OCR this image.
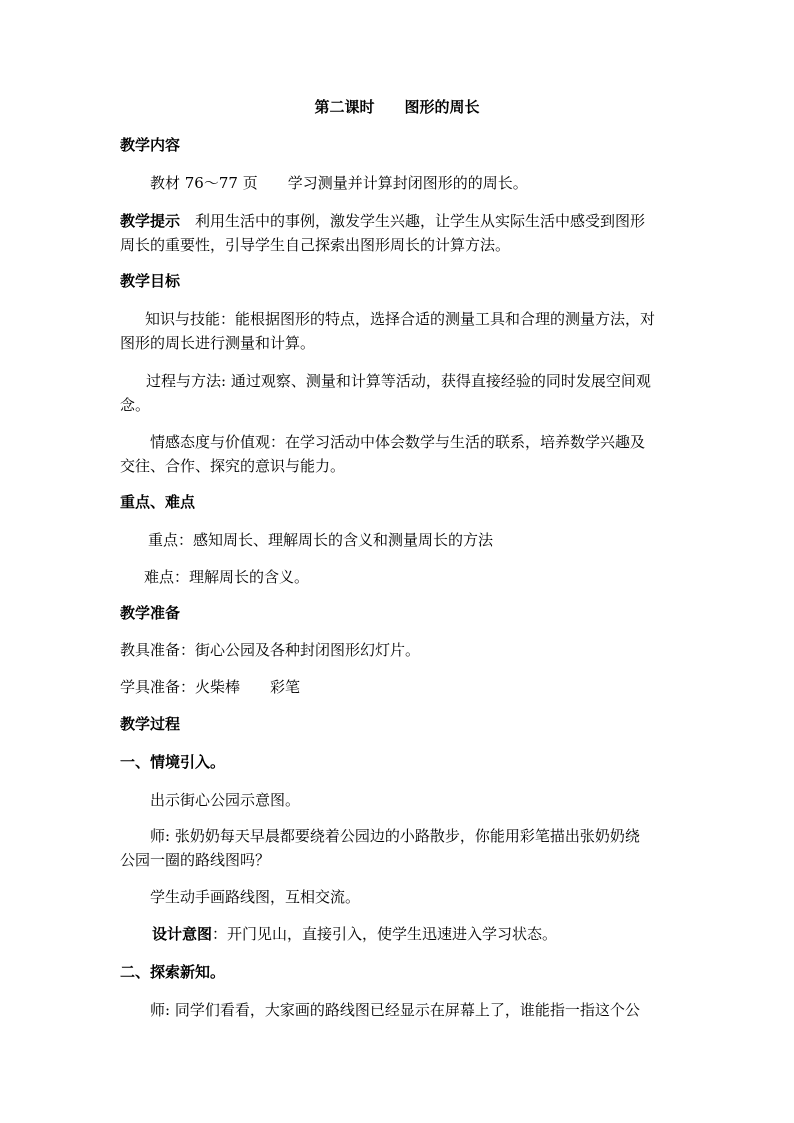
第二课时　　图形的周长
教学内容
教材 76～77 页　　学习测量并计算封闭图形的的周长。
教学提示　利用生活中的事例，激发学生兴趣，让学生从实际生活中感受到图形
周长的重要性，引导学生自己探索出图形周长的计算方法。
教学目标
知识与技能：能根据图形的特点，选择合适的测量工具和合理的测量方法，对
图形的周长进行测量和计算。
过程与方法: 通过观察、测量和计算等活动，获得直接经验的同时发展空间观
念。
情感态度与价值观：在学习活动中体会数学与生活的联系，培养数学兴趣及
交往、合作、探究的意识与能力。
重点、难点
重点：感知周长、理解周长的含义和测量周长的方法
难点：理解周长的含义。
教学准备
教具准备：街心公园及各种封闭图形幻灯片。
学具准备：火柴棒　　彩笔
教学过程
一、情境引入。
出示街心公园示意图。
师: 张奶奶每天早晨都要绕着公园边的小路散步，你能用彩笔描出张奶奶绕
公园一圈的路线图吗？
学生动手画路线图，互相交流。
设计意图：开门见山，直接引入，使学生迅速进入学习状态。
二、探索新知。
师: 同学们看看，大家画的路线图已经显示在屏幕上了，谁能指一指这个公
